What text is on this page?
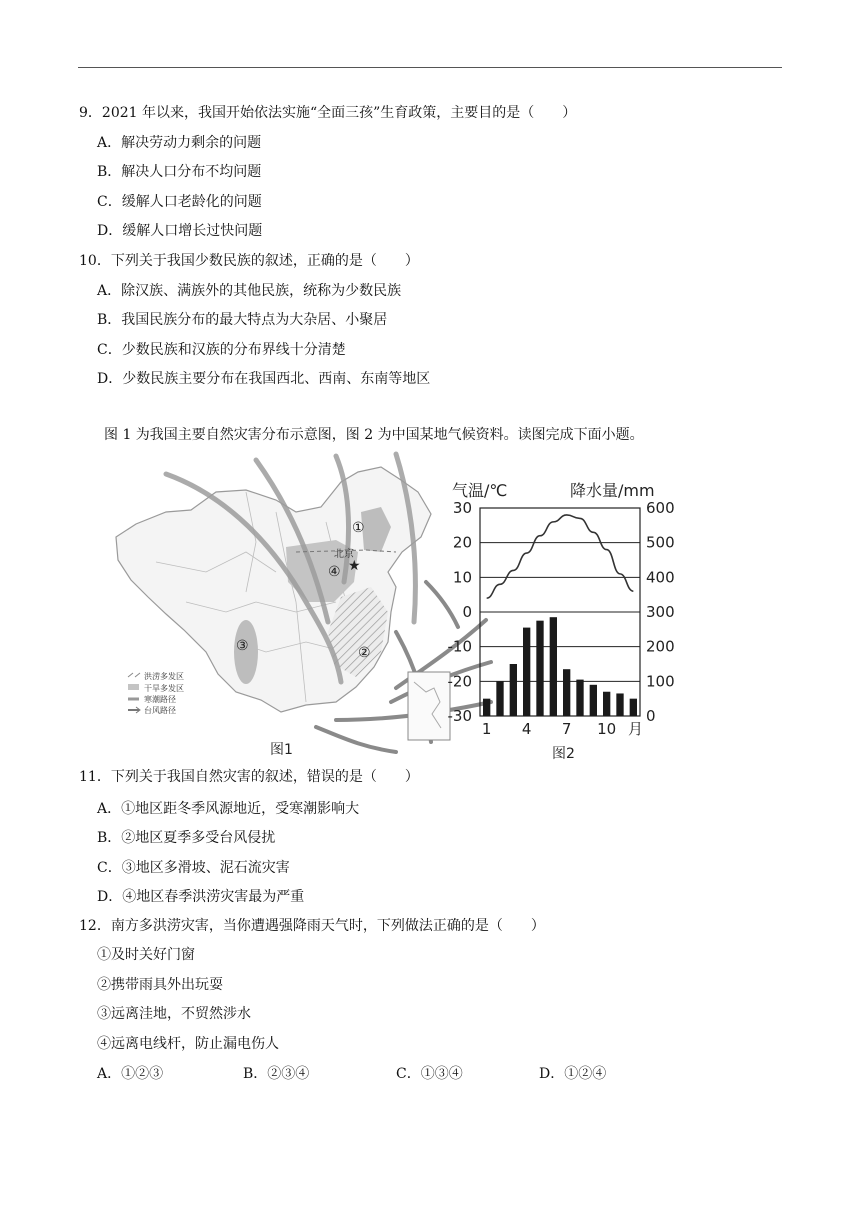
9．2021 年以来，我国开始依法实施“全面三孩”生育政策，主要目的是（　　）
A．解决劳动力剩余的问题
B．解决人口分布不均问题
C．缓解人口老龄化的问题
D．缓解人口增长过快问题
10．下列关于我国少数民族的叙述，正确的是（　　）
A．除汉族、满族外的其他民族，统称为少数民族
B．我国民族分布的最大特点为大杂居、小聚居
C．少数民族和汉族的分布界线十分清楚
D．少数民族主要分布在我国西北、西南、东南等地区
图 1 为我国主要自然灾害分布示意图，图 2 为中国某地气候资料。读图完成下面小题。
★
北京
①
②
③
④
洪涝多发区
干旱多发区
寒潮路径
台风路径
图1
气温/℃	降水量/mm
月
图2
30
20
10
0
-10
-20
-30
600
500
400
300
200
100
0
1 4 7 10
11．下列关于我国自然灾害的叙述，错误的是（　　）
A．①地区距冬季风源地近，受寒潮影响大
B．②地区夏季多受台风侵扰
C．③地区多滑坡、泥石流灾害
D．④地区春季洪涝灾害最为严重
12．南方多洪涝灾害，当你遭遇强降雨天气时，下列做法正确的是（　　）
①及时关好门窗
②携带雨具外出玩耍
③远离洼地，不贸然涉水
④远离电线杆，防止漏电伤人
A．①②③	B．②③④	C．①③④	D．①②④
